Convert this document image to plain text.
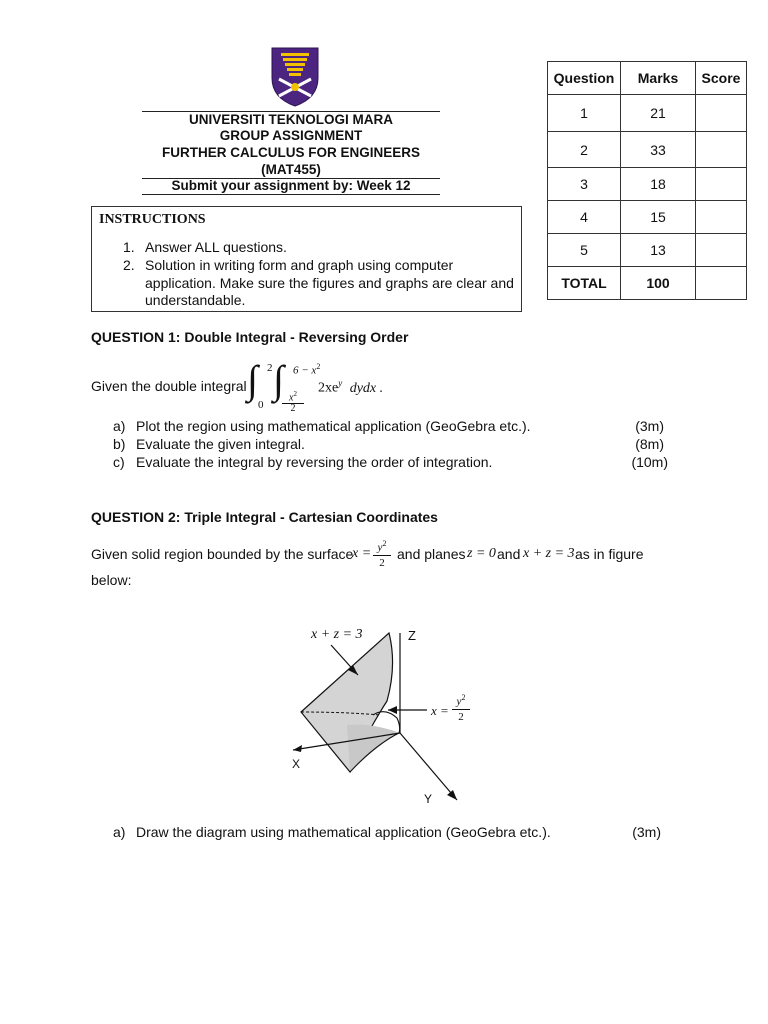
UNIVERSITI TEKNOLOGI MARA
GROUP ASSIGNMENT
FURTHER CALCULUS FOR ENGINEERS
(MAT455)
Submit your assignment by: Week 12
INSTRUCTIONS
1. Answer ALL questions.
2. Solution in writing form and graph using computer
application. Make sure the figures and graphs are clear and
understandable.
Question	Marks	Score
1	21	
2	33	
3	18	
4	15	
5	13	
TOTAL	100	
QUESTION 1: Double Integral - Reversing Order
Given the double integral ∫ 2
0
∫ $6 - x^2$
$x^2$
2
$2xe^y$ dydx .
a) Plot the region using mathematical application (GeoGebra etc.).	(3m)
b) Evaluate the given integral.	(8m)
c) Evaluate the integral by reversing the order of integration.	(10m)
QUESTION 2: Triple Integral - Cartesian Coordinates
Given solid region bounded by the surface
$x = y^2$
2
and planes z = 0 and x + z = 3 as in figure
below:
x + z = 3	Z
X
Y
x =
$y^2$
2
a) Draw the diagram using mathematical application (GeoGebra etc.).	(3m)
